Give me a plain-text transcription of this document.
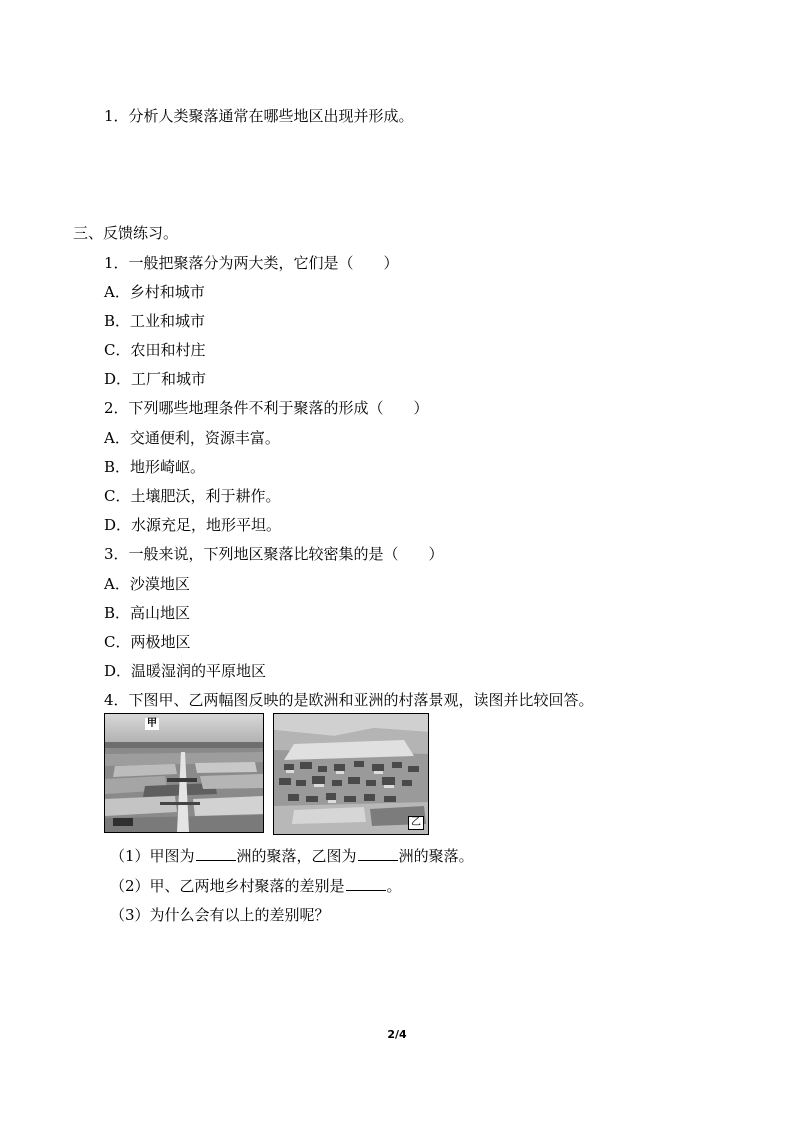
1．分析人类聚落通常在哪些地区出现并形成。
三、反馈练习。
1．一般把聚落分为两大类，它们是（　　）
A．乡村和城市
B．工业和城市
C．农田和村庄
D．工厂和城市
2．下列哪些地理条件不利于聚落的形成（　　）
A．交通便利，资源丰富。
B．地形崎岖。
C．土壤肥沃，利于耕作。
D．水源充足，地形平坦。
3．一般来说，下列地区聚落比较密集的是（　　）
A．沙漠地区
B．高山地区
C．两极地区
D．温暖湿润的平原地区
4．下图甲、乙两幅图反映的是欧洲和亚洲的村落景观，读图并比较回答。
甲
乙
（1）甲图为	洲的聚落，乙图为	洲的聚落。
（2）甲、乙两地乡村聚落的差别是	。
（3）为什么会有以上的差别呢？
2/4
